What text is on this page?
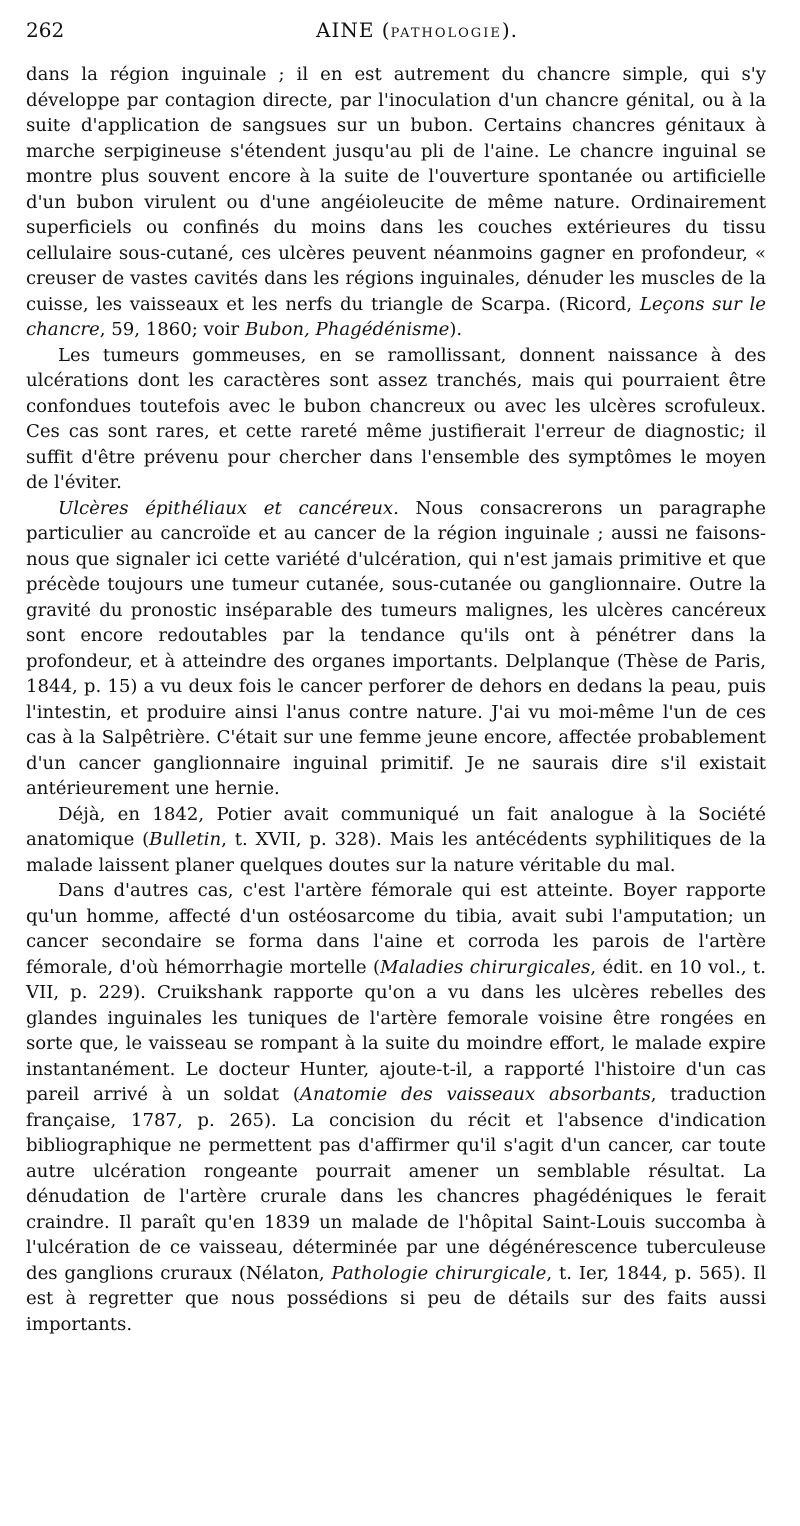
262	AINE (PATHOLOGIE).

dans la région inguinale ; il en est autrement du chancre simple, qui s'y développe par contagion directe, par l'inoculation d'un chancre génital, ou à la suite d'application de sangsues sur un bubon. Certains chancres génitaux à marche serpigineuse s'étendent jusqu'au pli de l'aine. Le chancre inguinal se montre plus souvent encore à la suite de l'ouverture spontanée ou artificielle d'un bubon virulent ou d'une angéioleucite de même nature. Ordinairement superficiels ou confinés du moins dans les couches extérieures du tissu cellulaire sous-cutané, ces ulcères peuvent néanmoins gagner en profondeur, « creuser de vastes cavités dans les régions inguinales, dénuder les muscles de la cuisse, les vaisseaux et les nerfs du triangle de Scarpa. (Ricord, Leçons sur le chancre, 59, 1860; voir Bubon, Phagédénisme).

Les tumeurs gommeuses, en se ramollissant, donnent naissance à des ulcérations dont les caractères sont assez tranchés, mais qui pourraient être confondues toutefois avec le bubon chancreux ou avec les ulcères scrofuleux. Ces cas sont rares, et cette rareté même justifierait l'erreur de diagnostic; il suffit d'être prévenu pour chercher dans l'ensemble des symptômes le moyen de l'éviter.

Ulcères épithéliaux et cancéreux. Nous consacrerons un paragraphe particulier au cancroïde et au cancer de la région inguinale ; aussi ne faisons-nous que signaler ici cette variété d'ulcération, qui n'est jamais primitive et que précède toujours une tumeur cutanée, sous-cutanée ou ganglionnaire. Outre la gravité du pronostic inséparable des tumeurs malignes, les ulcères cancéreux sont encore redoutables par la tendance qu'ils ont à pénétrer dans la profondeur, et à atteindre des organes importants. Delplanque (Thèse de Paris, 1844, p. 15) a vu deux fois le cancer perforer de dehors en dedans la peau, puis l'intestin, et produire ainsi l'anus contre nature. J'ai vu moi-même l'un de ces cas à la Salpêtrière. C'était sur une femme jeune encore, affectée probablement d'un cancer ganglionnaire inguinal primitif. Je ne saurais dire s'il existait antérieurement une hernie.

Déjà, en 1842, Potier avait communiqué un fait analogue à la Société anatomique (Bulletin, t. XVII, p. 328). Mais les antécédents syphilitiques de la malade laissent planer quelques doutes sur la nature véritable du mal.

Dans d'autres cas, c'est l'artère fémorale qui est atteinte. Boyer rapporte qu'un homme, affecté d'un ostéosarcome du tibia, avait subi l'amputation; un cancer secondaire se forma dans l'aine et corroda les parois de l'artère fémorale, d'où hémorrhagie mortelle (Maladies chirurgicales, édit. en 10 vol., t. VII, p. 229). Cruikshank rapporte qu'on a vu dans les ulcères rebelles des glandes inguinales les tuniques de l'artère femorale voisine être rongées en sorte que, le vaisseau se rompant à la suite du moindre effort, le malade expire instantanément. Le docteur Hunter, ajoute-t-il, a rapporté l'histoire d'un cas pareil arrivé à un soldat (Anatomie des vaisseaux absorbants, traduction française, 1787, p. 265). La concision du récit et l'absence d'indication bibliographique ne permettent pas d'affirmer qu'il s'agit d'un cancer, car toute autre ulcération rongeante pourrait amener un semblable résultat. La dénudation de l'artère crurale dans les chancres phagédéniques le ferait craindre. Il paraît qu'en 1839 un malade de l'hôpital Saint-Louis succomba à l'ulcération de ce vaisseau, déterminée par une dégénérescence tuberculeuse des ganglions cruraux (Nélaton, Pathologie chirurgicale, t. Ier, 1844, p. 565). Il est à regretter que nous possédions si peu de détails sur des faits aussi importants.
